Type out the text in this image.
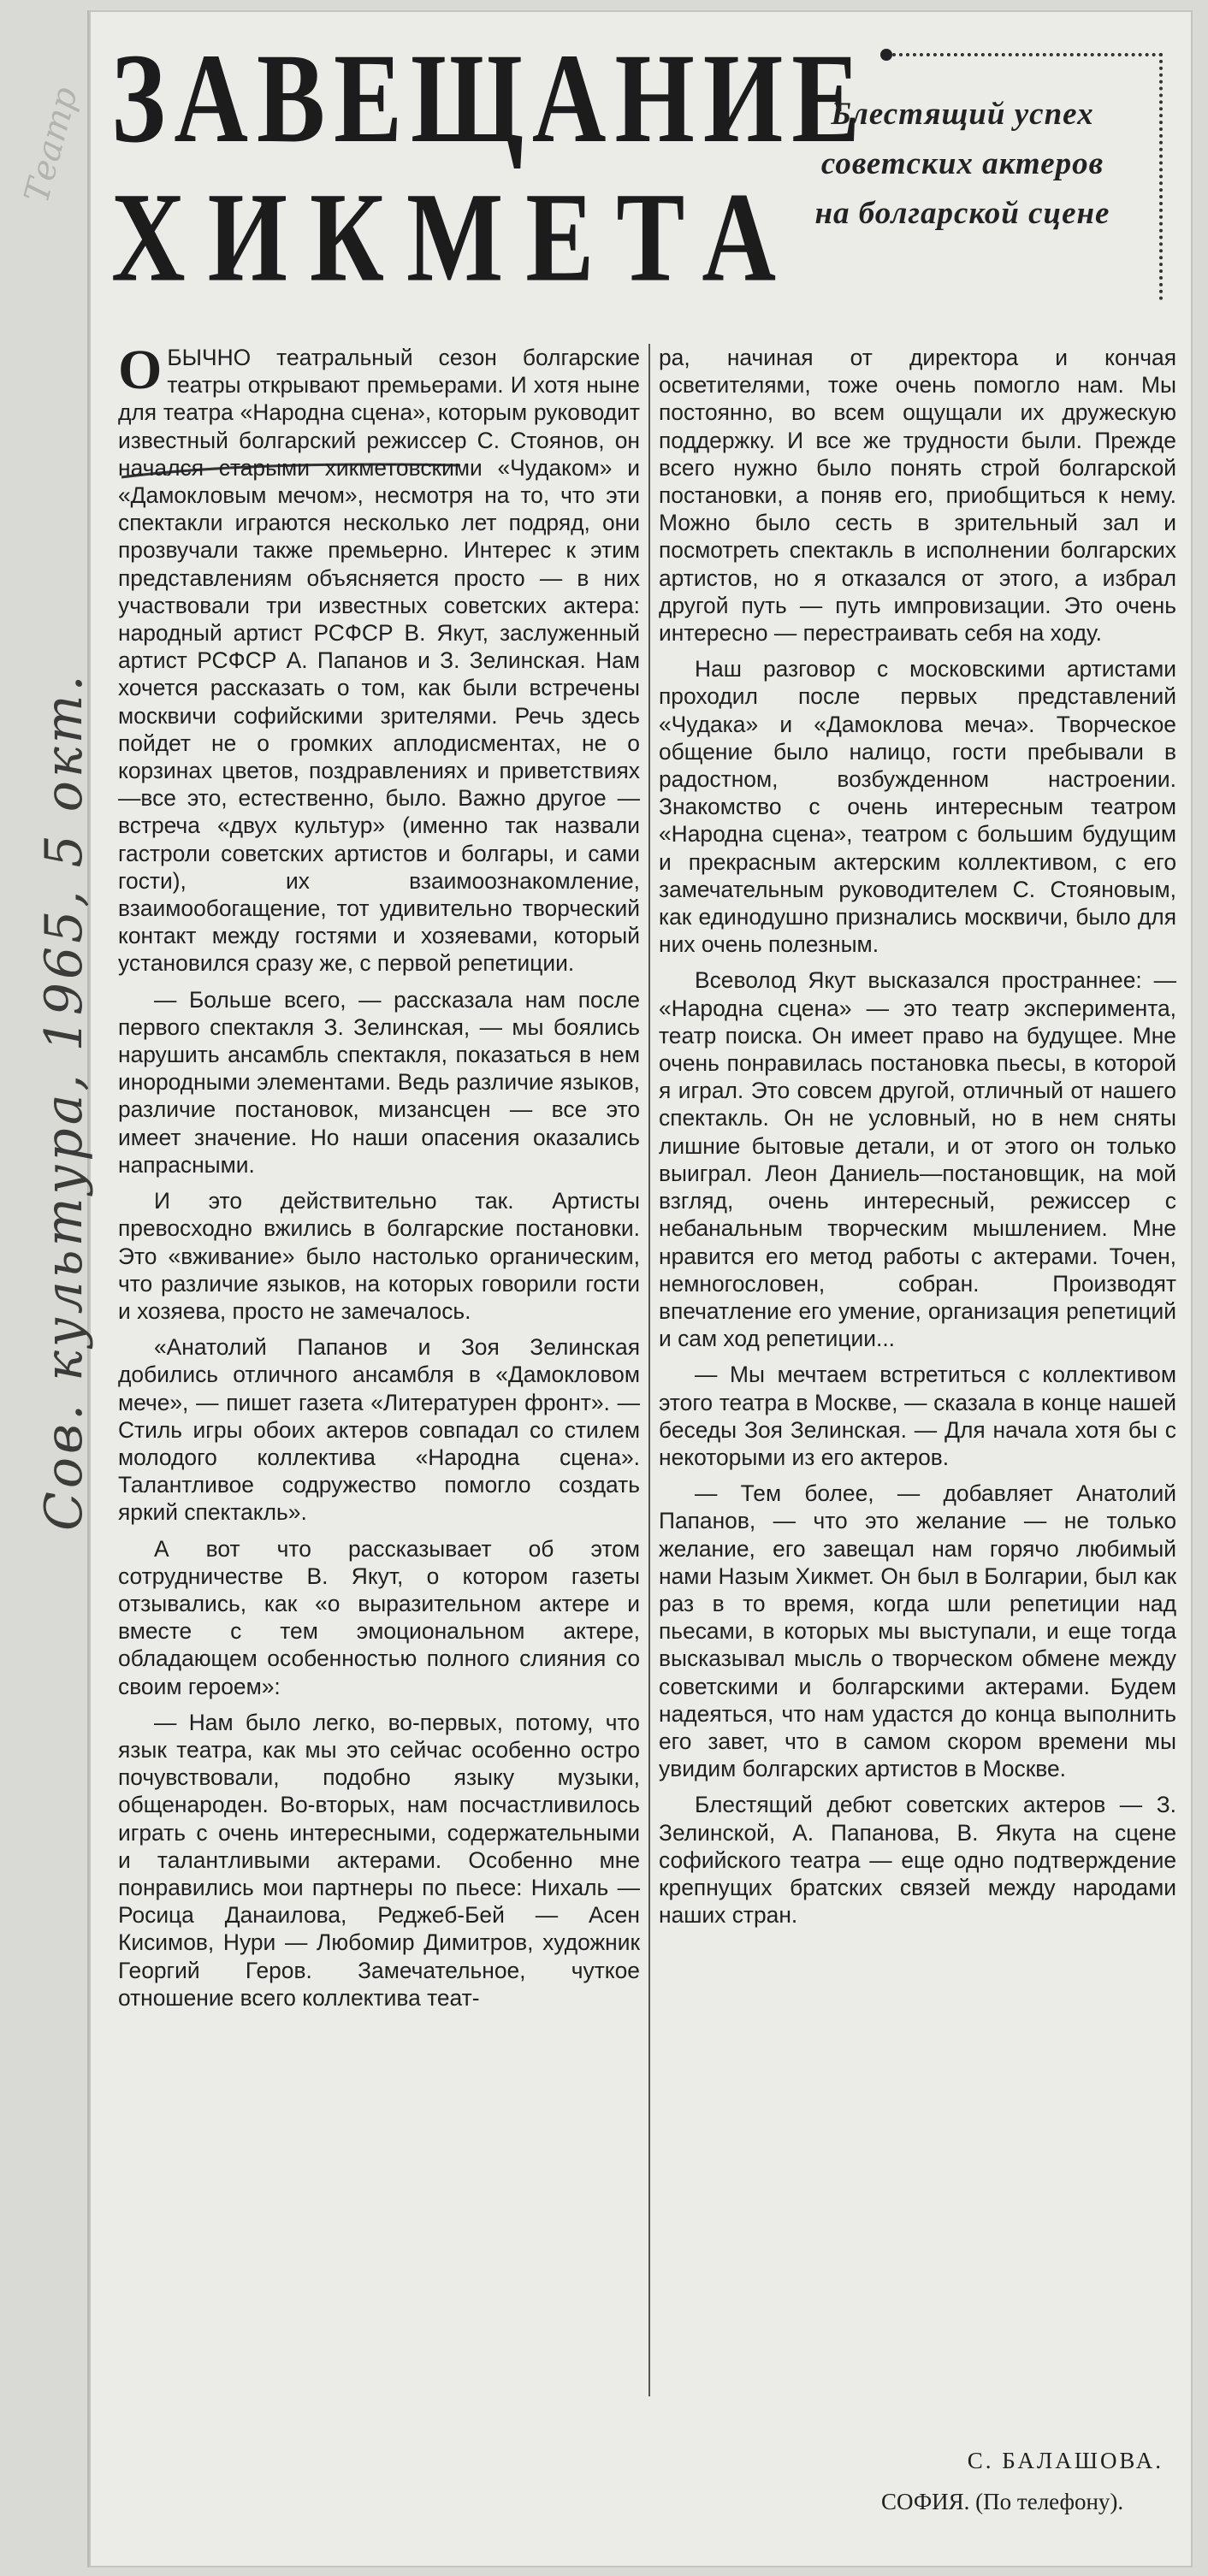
Театр
Сов. культура, 1965, 5 окт.
ЗАВЕЩАНИЕ
ХИКМЕТА
Блестящий успех
советских актеров
на болгарской сцене

ОБЫЧНО театральный сезон болгарские театры открывают премьерами. И хотя ныне для театра «Народна сцена», которым руководит известный болгарский режиссер С. Стоянов, он начался старыми хикметовскими «Чудаком» и «Дамокловым мечом», несмотря на то, что эти спектакли играются несколько лет подряд, они прозвучали также премьерно. Интерес к этим представлениям объясняется просто — в них участвовали три известных советских актера: народный артист РСФСР В. Якут, заслуженный артист РСФСР А. Папанов и З. Зелинская. Нам хочется рассказать о том, как были встречены москвичи софийскими зрителями. Речь здесь пойдет не о громких аплодисментах, не о корзинах цветов, поздравлениях и приветствиях—все это, естественно, было. Важно другое — встреча «двух культур» (именно так назвали гастроли советских артистов и болгары, и сами гости), их взаимоознакомление, взаимообогащение, тот удивительно творческий контакт между гостями и хозяевами, который установился сразу же, с первой репетиции.

— Больше всего, — рассказала нам после первого спектакля З. Зелинская, — мы боялись нарушить ансамбль спектакля, показаться в нем инородными элементами. Ведь различие языков, различие постановок, мизансцен — все это имеет значение. Но наши опасения оказались напрасными.

И это действительно так. Артисты превосходно вжились в болгарские постановки. Это «вживание» было настолько органическим, что различие языков, на которых говорили гости и хозяева, просто не замечалось.

«Анатолий Папанов и Зоя Зелинская добились отличного ансамбля в «Дамокловом мече», — пишет газета «Литературен фронт». — Стиль игры обоих актеров совпадал со стилем молодого коллектива «Народна сцена». Талантливое содружество помогло создать яркий спектакль».

А вот что рассказывает об этом сотрудничестве В. Якут, о котором газеты отзывались, как «о выразительном актере и вместе с тем эмоциональном актере, обладающем особенностью полного слияния со своим героем»:

— Нам было легко, во-первых, потому, что язык театра, как мы это сейчас особенно остро почувствовали, подобно языку музыки, общенароден. Во-вторых, нам посчастливилось играть с очень интересными, содержательными и талантливыми актерами. Особенно мне понравились мои партнеры по пьесе: Нихаль — Росица Данаилова, Реджеб-Бей — Асен Кисимов, Нури — Любомир Димитров, художник Георгий Геров. Замечательное, чуткое отношение всего коллектива теат-

ра, начиная от директора и кончая осветителями, тоже очень помогло нам. Мы постоянно, во всем ощущали их дружескую поддержку. И все же трудности были. Прежде всего нужно было понять строй болгарской постановки, а поняв его, приобщиться к нему. Можно было сесть в зрительный зал и посмотреть спектакль в исполнении болгарских артистов, но я отказался от этого, а избрал другой путь — путь импровизации. Это очень интересно — перестраивать себя на ходу.

Наш разговор с московскими артистами проходил после первых представлений «Чудака» и «Дамоклова меча». Творческое общение было налицо, гости пребывали в радостном, возбужденном настроении. Знакомство с очень интересным театром «Народна сцена», театром с большим будущим и прекрасным актерским коллективом, с его замечательным руководителем С. Стояновым, как единодушно признались москвичи, было для них очень полезным.

Всеволод Якут высказался пространнее: — «Народна сцена» — это театр эксперимента, театр поиска. Он имеет право на будущее. Мне очень понравилась постановка пьесы, в которой я играл. Это совсем другой, отличный от нашего спектакль. Он не условный, но в нем сняты лишние бытовые детали, и от этого он только выиграл. Леон Даниель—постановщик, на мой взгляд, очень интересный, режиссер с небанальным творческим мышлением. Мне нравится его метод работы с актерами. Точен, немногословен, собран. Производят впечатление его умение, организация репетиций и сам ход репетиции...

— Мы мечтаем встретиться с коллективом этого театра в Москве, — сказала в конце нашей беседы Зоя Зелинская. — Для начала хотя бы с некоторыми из его актеров.

— Тем более, — добавляет Анатолий Папанов, — что это желание — не только желание, его завещал нам горячо любимый нами Назым Хикмет. Он был в Болгарии, был как раз в то время, когда шли репетиции над пьесами, в которых мы выступали, и еще тогда высказывал мысль о творческом обмене между советскими и болгарскими актерами. Будем надеяться, что нам удастся до конца выполнить его завет, что в самом скором времени мы увидим болгарских артистов в Москве.

Блестящий дебют советских актеров — З. Зелинской, А. Папанова, В. Якута на сцене софийского театра — еще одно подтверждение крепнущих братских связей между народами наших стран.

С. БАЛАШОВА.
СОФИЯ. (По телефону).
